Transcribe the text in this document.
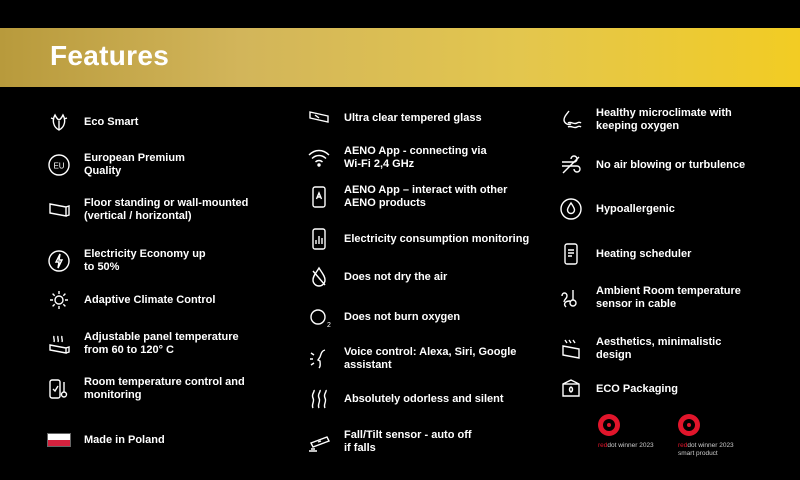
Features
Eco Smart
EU
European Premium
Quality
Floor standing or wall-mounted
(vertical / horizontal)
Electricity Economy up
to 50%
Adaptive Climate Control
Adjustable panel temperature
from 60 to 120° C
Room temperature control and
monitoring
Made in Poland
Ultra clear tempered glass
AENO App - connecting via
Wi-Fi 2,4 GHz
AENO App – interact with other
AENO products
Electricity consumption monitoring
Does not dry the air
2
Does not burn oxygen
Voice control: Alexa, Siri, Google
assistant
Absolutely odorless and silent
Fall/Tilt sensor - auto off
if falls
Healthy microclimate with
keeping oxygen
No air blowing or turbulence
Hypoallergenic
Heating scheduler
Ambient Room temperature
sensor in cable
Aesthetics, minimalistic
design
ECO Packaging
reddot winner 2023	reddot winner 2023
smart product
